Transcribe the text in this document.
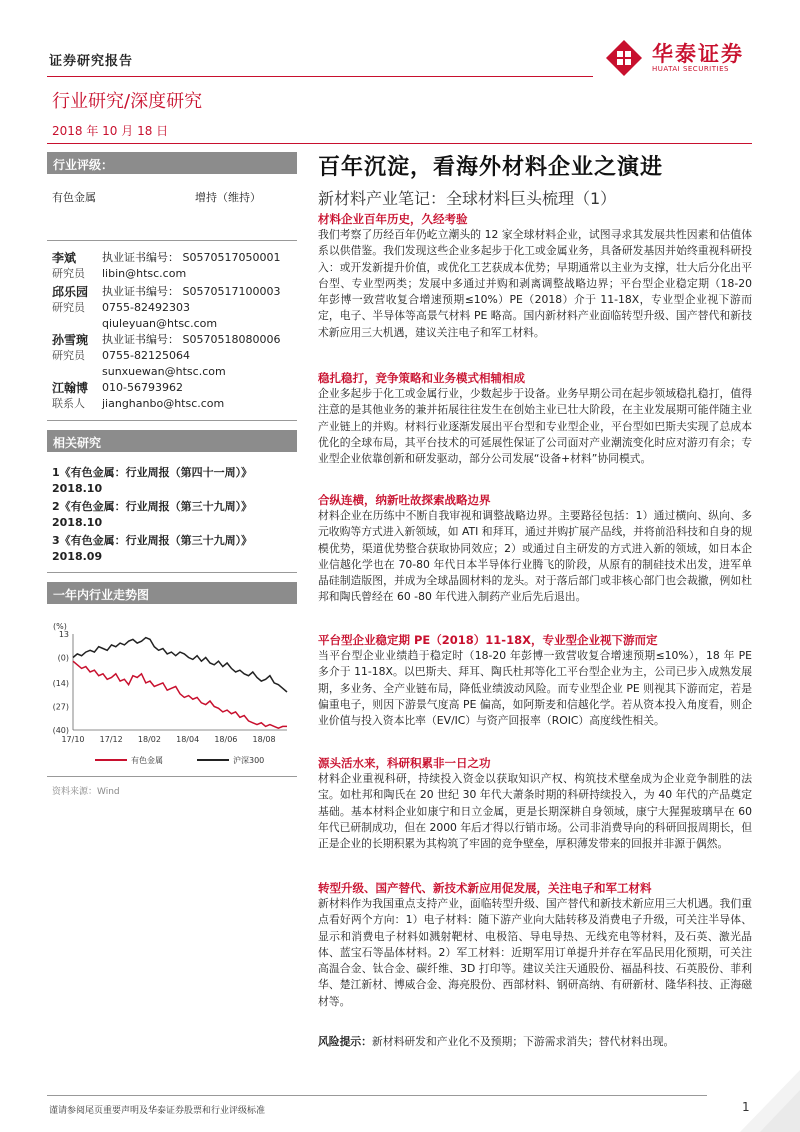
证券研究报告	华泰证券
HUATAI SECURITIES
行业研究/深度研究
2018 年 10 月 18 日
行业评级：
有色金属	增持（维持）
李斌
研究员
执业证书编号： S0570517050001
libin@htsc.com
邱乐园
研究员
执业证书编号： S0570517100003
0755-82492303
qiuleyuan@htsc.com
孙雪琬
研究员
执业证书编号： S0570518080006
0755-82125064
sunxuewan@htsc.com
江翰博
联系人
010-56793962
jianghanbo@htsc.com
相关研究
1《有色金属：行业周报（第四十一周）》
2018.10
2《有色金属：行业周报（第三十九周）》
2018.10
3《有色金属：行业周报（第三十九周）》
2018.09
一年内行业走势图
(%)
13
(0)
(14)
(27)
(40)
17/10 17/12 18/02 18/04 18/06 18/08
有色金属	沪深300
资料来源：Wind
百年沉淀，看海外材料企业之演进
新材料产业笔记：全球材料巨头梳理（1）
材料企业百年历史，久经考验

我们考察了历经百年仍屹立潮头的 12 家全球材料企业，试图寻求其发展共性因素和估值体系以供借鉴。我们发现这些企业多起步于化工或金属业务，具备研发基因并始终重视科研投入：或开发新提升价值，或优化工艺获成本优势；早期通常以主业为支撑，壮大后分化出平台型、专业型两类；发展中多通过并购和剥离调整战略边界；平台型企业稳定期（18-20 年彭博一致营收复合增速预期≤10%）PE（2018）介于 11-18X，专业型企业视下游而定，电子、半导体等高景气材料 PE 略高。国内新材料产业面临转型升级、国产替代和新技术新应用三大机遇，建议关注电子和军工材料。

稳扎稳打，竞争策略和业务模式相辅相成

企业多起步于化工或金属行业，少数起步于设备。业务早期公司在起步领域稳扎稳打，值得注意的是其他业务的兼并拓展往往发生在创始主业已壮大阶段，在主业发展期可能伴随主业产业链上的并购。材料行业逐渐发展出平台型和专业型企业，平台型如巴斯夫实现了总成本优化的全球布局，其平台技术的可延展性保证了公司面对产业潮流变化时应对游刃有余；专业型企业依靠创新和研发驱动，部分公司发展“设备+材料”协同模式。

合纵连横，纳新吐故探索战略边界

材料企业在历练中不断自我审视和调整战略边界。主要路径包括：1）通过横向、纵向、多元收购等方式进入新领域，如 ATI 和拜耳，通过并购扩展产品线，并将前沿科技和自身的规模优势，渠道优势整合获取协同效应；2）或通过自主研发的方式进入新的领域，如日本企业信越化学也在 70-80 年代日本半导体行业腾飞的阶段，从原有的制硅技术出发，进军单晶硅制造版图，并成为全球晶圆材料的龙头。对于落后部门或非核心部门也会裁撤，例如杜邦和陶氏曾经在 60 -80 年代进入制药产业后先后退出。

平台型企业稳定期 PE（2018）11-18X，专业型企业视下游而定

当平台型企业业绩趋于稳定时（18-20 年彭博一致营收复合增速预期≤10%），18 年 PE 多介于 11-18X。以巴斯夫、拜耳、陶氏杜邦等化工平台型企业为主，公司已步入成熟发展期，多业务、全产业链布局，降低业绩波动风险。而专业型企业 PE 则视其下游而定，若是偏重电子，则因下游景气度高 PE 偏高，如阿斯麦和信越化学。若从资本投入角度看，则企业价值与投入资本比率（EV/IC）与资产回报率（ROIC）高度线性相关。

源头活水来，科研积累非一日之功

材料企业重视科研，持续投入资金以获取知识产权、构筑技术壁垒成为企业竞争制胜的法宝。如杜邦和陶氏在 20 世纪 30 年代大萧条时期的科研持续投入，为 40 年代的产品奠定基础。基本材料企业如康宁和日立金属，更是长期深耕自身领域，康宁大猩猩玻璃早在 60 年代已研制成功，但在 2000 年后才得以行销市场。公司非消费导向的科研回报周期长，但正是企业的长期积累为其构筑了牢固的竞争壁垒，厚积薄发带来的回报并非源于偶然。

转型升级、国产替代、新技术新应用促发展，关注电子和军工材料

新材料作为我国重点支持产业，面临转型升级、国产替代和新技术新应用三大机遇。我们重点看好两个方向：1）电子材料：随下游产业向大陆转移及消费电子升级，可关注半导体、显示和消费电子材料如溅射靶材、电极箔、导电导热、无线充电等材料，及石英、激光晶体、蓝宝石等晶体材料。2）军工材料：近期军用订单提升并存在军品民用化预期，可关注高温合金、钛合金、碳纤维、3D 打印等。建议关注天通股份、福晶科技、石英股份、菲利华、楚江新材、博威合金、海亮股份、西部材料、钢研高纳、有研新材、隆华科技、正海磁材等。

风险提示：新材料研发和产业化不及预期；下游需求消失；替代材料出现。
谨请参阅尾页重要声明及华泰证券股票和行业评级标准	1
